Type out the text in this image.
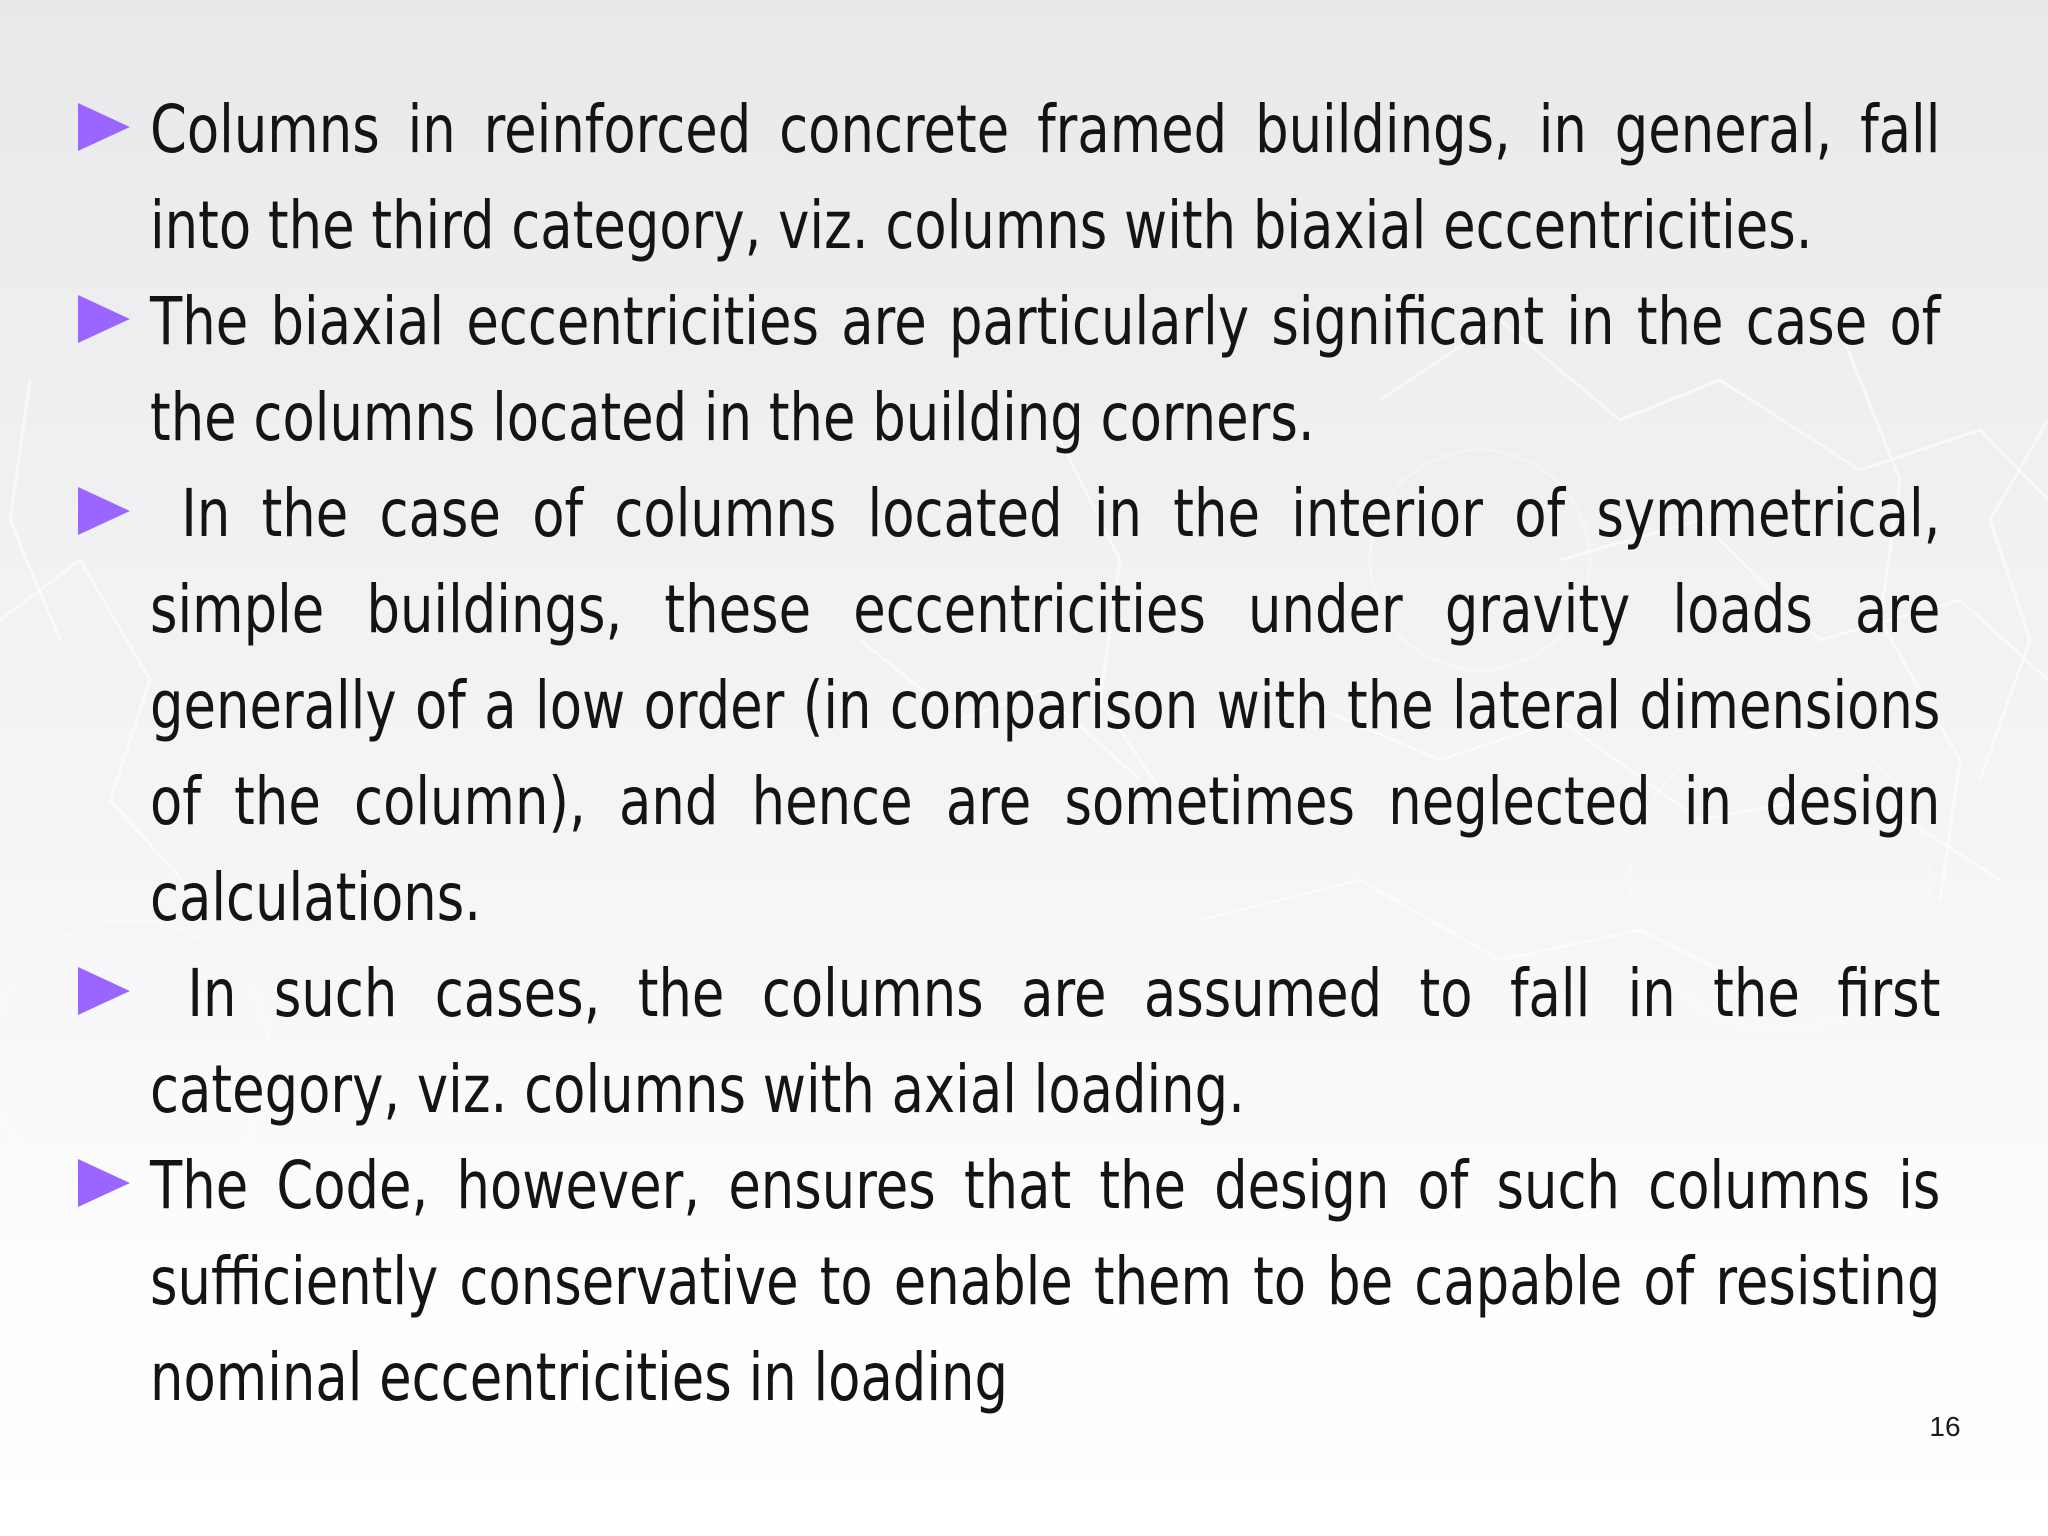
Columns in reinforced concrete framed buildings, in general, fall into the third category, viz. columns with biaxial eccentricities.
The biaxial eccentricities are particularly significant in the case of the columns located in the building corners.
In the case of columns located in the interior of symmetrical, simple buildings, these eccentricities under gravity loads are generally of a low order (in comparison with the lateral dimensions of the column), and hence are sometimes neglected in design calculations.
In such cases, the columns are assumed to fall in the first category, viz. columns with axial loading.
The Code, however, ensures that the design of such columns is sufficiently conservative to enable them to be capable of resisting nominal eccentricities in loading
16
